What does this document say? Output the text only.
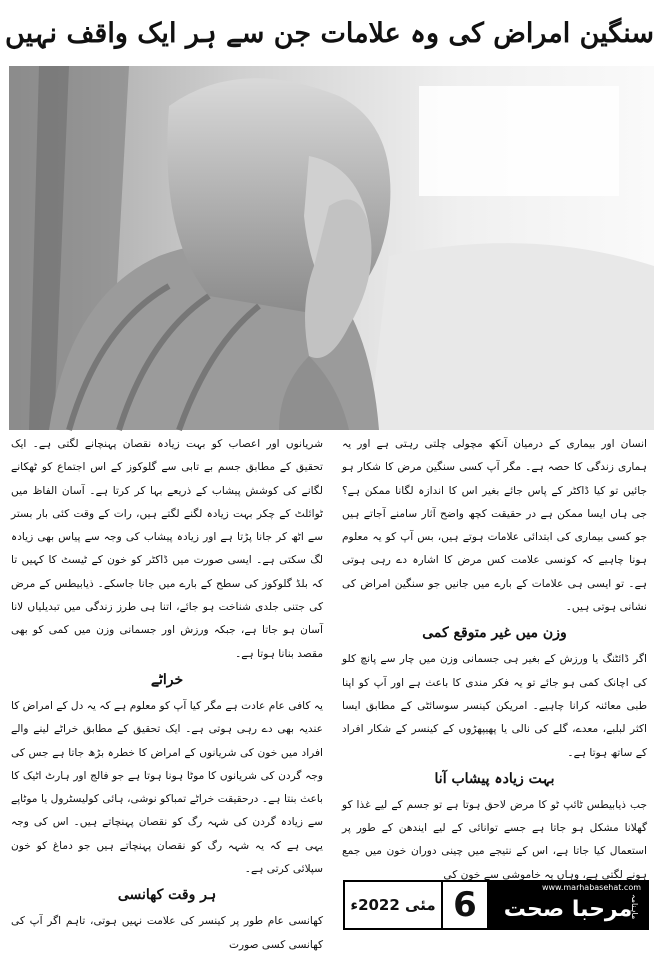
سنگین امراض کی وہ علامات جن سے ہر ایک واقف نہیں

انسان اور بیماری کے درمیان آنکھ مچولی چلتی رہتی ہے اور یہ ہماری زندگی کا حصہ ہے۔ مگر آپ کسی سنگین مرض کا شکار ہو جائیں تو کیا ڈاکٹر کے پاس جائے بغیر اس کا اندازہ لگانا ممکن ہے؟ جی ہاں ایسا ممکن ہے در حقیقت کچھ واضح آثار سامنے آجاتے ہیں جو کسی بیماری کی ابتدائی علامات ہوتے ہیں، بس آپ کو یہ معلوم ہونا چاہیے کہ کونسی علامت کس مرض کا اشارہ دے رہی ہوتی ہے۔ تو ایسی ہی علامات کے بارے میں جانیں جو سنگین امراض کی نشانی ہوتی ہیں۔

وزن میں غیر متوقع کمی

اگر ڈائٹنگ یا ورزش کے بغیر ہی جسمانی وزن میں چار سے پانچ کلو کی اچانک کمی ہو جائے تو یہ فکر مندی کا باعث ہے اور آپ کو اپنا طبی معائنہ کرانا چاہیے۔ امریکن کینسر سوسائٹی کے مطابق ایسا اکثر لبلبے، معدے، گلے کی نالی یا پھیپھڑوں کے کینسر کے شکار افراد کے ساتھ ہوتا ہے۔

بہت زیادہ پیشاب آنا

جب ذیابیطس ٹائپ ٹو کا مرض لاحق ہوتا ہے تو جسم کے لیے غذا کو گھلانا مشکل ہو جاتا ہے جسے توانائی کے لیے ایندھن کے طور پر استعمال کیا جاتا ہے، اس کے نتیجے میں چینی دوران خون میں جمع ہونے لگتی ہے، وہاں یہ خاموشی سے خون کی

شریانوں اور اعصاب کو بہت زیادہ نقصان پہنچانے لگتی ہے۔ ایک تحقیق کے مطابق جسم بے تابی سے گلوکوز کے اس اجتماع کو ٹھکانے لگانے کی کوشش پیشاب کے ذریعے بہا کر کرتا ہے۔ آسان الفاظ میں ٹوائلٹ کے چکر بہت زیادہ لگنے لگتے ہیں، رات کے وقت کئی بار بستر سے اٹھ کر جانا پڑتا ہے اور زیادہ پیشاب کی وجہ سے پیاس بھی زیادہ لگ سکتی ہے۔ ایسی صورت میں ڈاکٹر کو خون کے ٹیسٹ کا کہیں تا کہ بلڈ گلوکوز کی سطح کے بارے میں جانا جاسکے۔ ذیابیطس کے مرض کی جتنی جلدی شناخت ہو جائے، اتنا ہی طرز زندگی میں تبدیلیاں لانا آسان ہو جاتا ہے، جبکہ ورزش اور جسمانی وزن میں کمی کو بھی مقصد بنانا ہوتا ہے۔

خراٹے

یہ کافی عام عادت ہے مگر کیا آپ کو معلوم ہے کہ یہ دل کے امراض کا عندیہ بھی دے رہی ہوتی ہے۔ ایک تحقیق کے مطابق خراٹے لینے والے افراد میں خون کی شریانوں کے امراض کا خطرہ بڑھ جاتا ہے جس کی وجہ گردن کی شریانوں کا موٹا ہونا ہوتا ہے جو فالج اور ہارٹ اٹیک کا باعث بنتا ہے۔ درحقیقت خراٹے تمباکو نوشی، ہائی کولیسٹرول یا موٹاپے سے زیادہ گردن کی شہہ رگ کو نقصان پہنچاتے ہیں۔ اس کی وجہ یہی ہے کہ یہ شہہ رگ کو نقصان پہنچاتے ہیں جو دماغ کو خون سپلائی کرتی ہے۔

ہر وقت کھانسی

کھانسی عام طور پر کینسر کی علامت نہیں ہوتی، تاہم اگر آپ کی کھانسی کسی صورت

مئی 2022ء 6	www.marhabasehat.com
ماہنامہ
مرحبا صحت
